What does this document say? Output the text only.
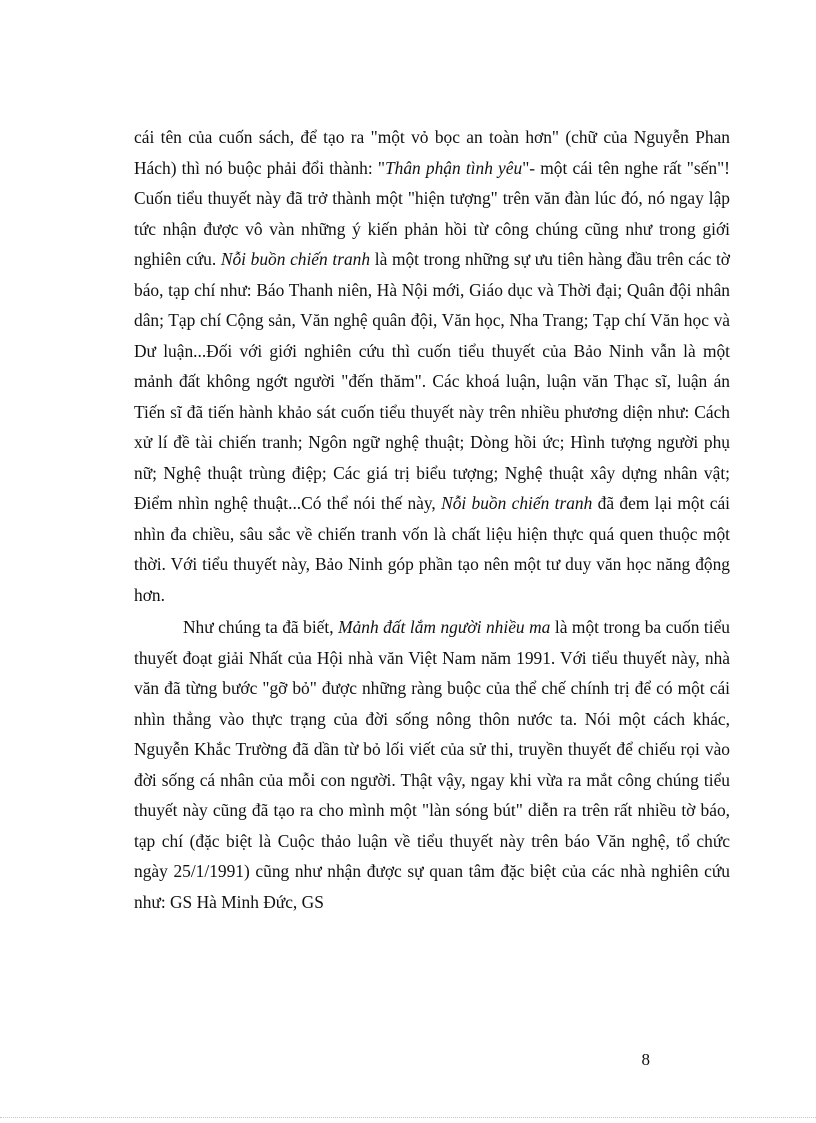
cái tên của cuốn sách, để tạo ra "một vỏ bọc an toàn hơn" (chữ của Nguyễn Phan Hách) thì nó buộc phải đổi thành: "Thân phận tình yêu"- một cái tên nghe rất "sến"! Cuốn tiểu thuyết này đã trở thành một "hiện tượng" trên văn đàn lúc đó, nó ngay lập tức nhận được vô vàn những ý kiến phản hồi từ công chúng cũng như trong giới nghiên cứu. Nỗi buồn chiến tranh là một trong những sự ưu tiên hàng đầu trên các tờ báo, tạp chí như: Báo Thanh niên, Hà Nội mới, Giáo dục và Thời đại; Quân đội nhân dân; Tạp chí Cộng sản, Văn nghệ quân đội, Văn học, Nha Trang; Tạp chí Văn học và Dư luận...Đối với giới nghiên cứu thì cuốn tiểu thuyết của Bảo Ninh vẫn là một mảnh đất không ngớt người "đến thăm". Các khoá luận, luận văn Thạc sĩ, luận án Tiến sĩ đã tiến hành khảo sát cuốn tiểu thuyết này trên nhiều phương diện như: Cách xử lí đề tài chiến tranh; Ngôn ngữ nghệ thuật; Dòng hồi ức; Hình tượng người phụ nữ; Nghệ thuật trùng điệp; Các giá trị biểu tượng; Nghệ thuật xây dựng nhân vật; Điểm nhìn nghệ thuật...Có thể nói thế này, Nỗi buồn chiến tranh đã đem lại một cái nhìn đa chiều, sâu sắc về chiến tranh vốn là chất liệu hiện thực quá quen thuộc một thời. Với tiểu thuyết này, Bảo Ninh góp phần tạo nên một tư duy văn học năng động hơn.

Như chúng ta đã biết, Mảnh đất lắm người nhiều ma là một trong ba cuốn tiểu thuyết đoạt giải Nhất của Hội nhà văn Việt Nam năm 1991. Với tiểu thuyết này, nhà văn đã từng bước "gỡ bỏ" được những ràng buộc của thể chế chính trị để có một cái nhìn thẳng vào thực trạng của đời sống nông thôn nước ta. Nói một cách khác, Nguyễn Khắc Trường đã dần từ bỏ lối viết của sử thi, truyền thuyết để chiếu rọi vào đời sống cá nhân của mỗi con người. Thật vậy, ngay khi vừa ra mắt công chúng tiểu thuyết này cũng đã tạo ra cho mình một "làn sóng bút" diễn ra trên rất nhiều tờ báo, tạp chí (đặc biệt là Cuộc thảo luận về tiểu thuyết này trên báo Văn nghệ, tổ chức ngày 25/1/1991) cũng như nhận được sự quan tâm đặc biệt của các nhà nghiên cứu như: GS Hà Minh Đức, GS

8
